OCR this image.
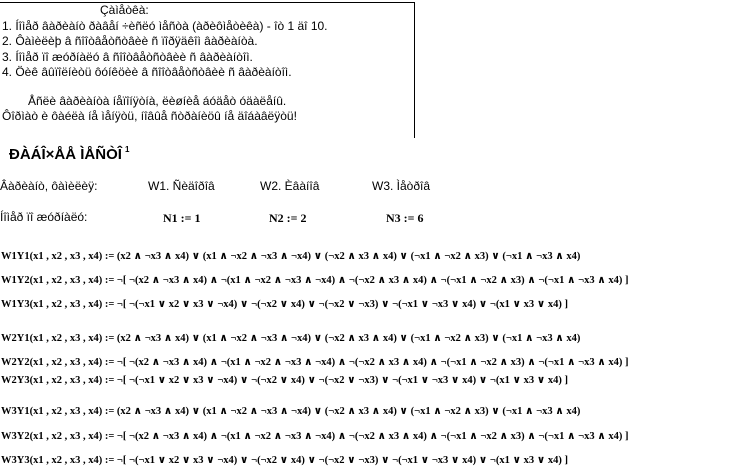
Çàìåòêà:
1. Íîìåð âàðèàíò ðàâåí ÷èñëó ìåñòà (àðèôìåòèêà) - îò 1 äî 10.
2. Ôàìèëèþ â ñîîòâåòñòâèè ñ ïîðÿäêîì âàðèàíòà.
3. Íîìåð ïî æóðíàëó â ñîîòâåòñòâèè ñ âàðèàíòîì.
4. Öèê âûïîëíèòü ôóíêöèè â ñîîòâåòñòâèè ñ âàðèàíòîì.
Åñëè âàðèàíòà íåïîíÿòíà, ëèøíèå áóäåò óäàëåíû.
Ôîðìàò è ôàéëà íå ìåíÿòü, íîâûå ñòðàíèöû íå äîáàâëÿòü!
ÐÀÁÎ×ÅÅ ÌÅÑÒÎ $^1$
Âàðèàíò, ôàìèëèÿ:	W1. Ñèäîðîâ	W2. Èâàíîâ	W3. Ìåòðîâ
Íîìåð ïî æóðíàëó:	N1 := 1	N2 := 2	N3 := 6
W1Y1(x1 , x2 , x3 , x4) := (x2 ∧ ¬x3 ∧ x4) ∨ (x1 ∧ ¬x2 ∧ ¬x3 ∧ ¬x4) ∨ (¬x2 ∧ x3 ∧ x4) ∨ (¬x1 ∧ ¬x2 ∧ x3) ∨ (¬x1 ∧ ¬x3 ∧ x4)
W1Y2(x1 , x2 , x3 , x4) := ¬[ ¬(x2 ∧ ¬x3 ∧ x4) ∧ ¬(x1 ∧ ¬x2 ∧ ¬x3 ∧ ¬x4) ∧ ¬(¬x2 ∧ x3 ∧ x4) ∧ ¬(¬x1 ∧ ¬x2 ∧ x3) ∧ ¬(¬x1 ∧ ¬x3 ∧ x4) ]
W1Y3(x1 , x2 , x3 , x4) := ¬[ ¬(¬x1 ∨ x2 ∨ x3 ∨ ¬x4) ∨ ¬(¬x2 ∨ x4) ∨ ¬(¬x2 ∨ ¬x3) ∨ ¬(¬x1 ∨ ¬x3 ∨ x4) ∨ ¬(x1 ∨ x3 ∨ x4) ]
W2Y1(x1 , x2 , x3 , x4) := (x2 ∧ ¬x3 ∧ x4) ∨ (x1 ∧ ¬x2 ∧ ¬x3 ∧ ¬x4) ∨ (¬x2 ∧ x3 ∧ x4) ∨ (¬x1 ∧ ¬x2 ∧ x3) ∨ (¬x1 ∧ ¬x3 ∧ x4)
W2Y2(x1 , x2 , x3 , x4) := ¬[ ¬(x2 ∧ ¬x3 ∧ x4) ∧ ¬(x1 ∧ ¬x2 ∧ ¬x3 ∧ ¬x4) ∧ ¬(¬x2 ∧ x3 ∧ x4) ∧ ¬(¬x1 ∧ ¬x2 ∧ x3) ∧ ¬(¬x1 ∧ ¬x3 ∧ x4) ]
W2Y3(x1 , x2 , x3 , x4) := ¬[ ¬(¬x1 ∨ x2 ∨ x3 ∨ ¬x4) ∨ ¬(¬x2 ∨ x4) ∨ ¬(¬x2 ∨ ¬x3) ∨ ¬(¬x1 ∨ ¬x3 ∨ x4) ∨ ¬(x1 ∨ x3 ∨ x4) ]
W3Y1(x1 , x2 , x3 , x4) := (x2 ∧ ¬x3 ∧ x4) ∨ (x1 ∧ ¬x2 ∧ ¬x3 ∧ ¬x4) ∨ (¬x2 ∧ x3 ∧ x4) ∨ (¬x1 ∧ ¬x2 ∧ x3) ∨ (¬x1 ∧ ¬x3 ∧ x4)
W3Y2(x1 , x2 , x3 , x4) := ¬[ ¬(x2 ∧ ¬x3 ∧ x4) ∧ ¬(x1 ∧ ¬x2 ∧ ¬x3 ∧ ¬x4) ∧ ¬(¬x2 ∧ x3 ∧ x4) ∧ ¬(¬x1 ∧ ¬x2 ∧ x3) ∧ ¬(¬x1 ∧ ¬x3 ∧ x4) ]
W3Y3(x1 , x2 , x3 , x4) := ¬[ ¬(¬x1 ∨ x2 ∨ x3 ∨ ¬x4) ∨ ¬(¬x2 ∨ x4) ∨ ¬(¬x2 ∨ ¬x3) ∨ ¬(¬x1 ∨ ¬x3 ∨ x4) ∨ ¬(x1 ∨ x3 ∨ x4) ]
